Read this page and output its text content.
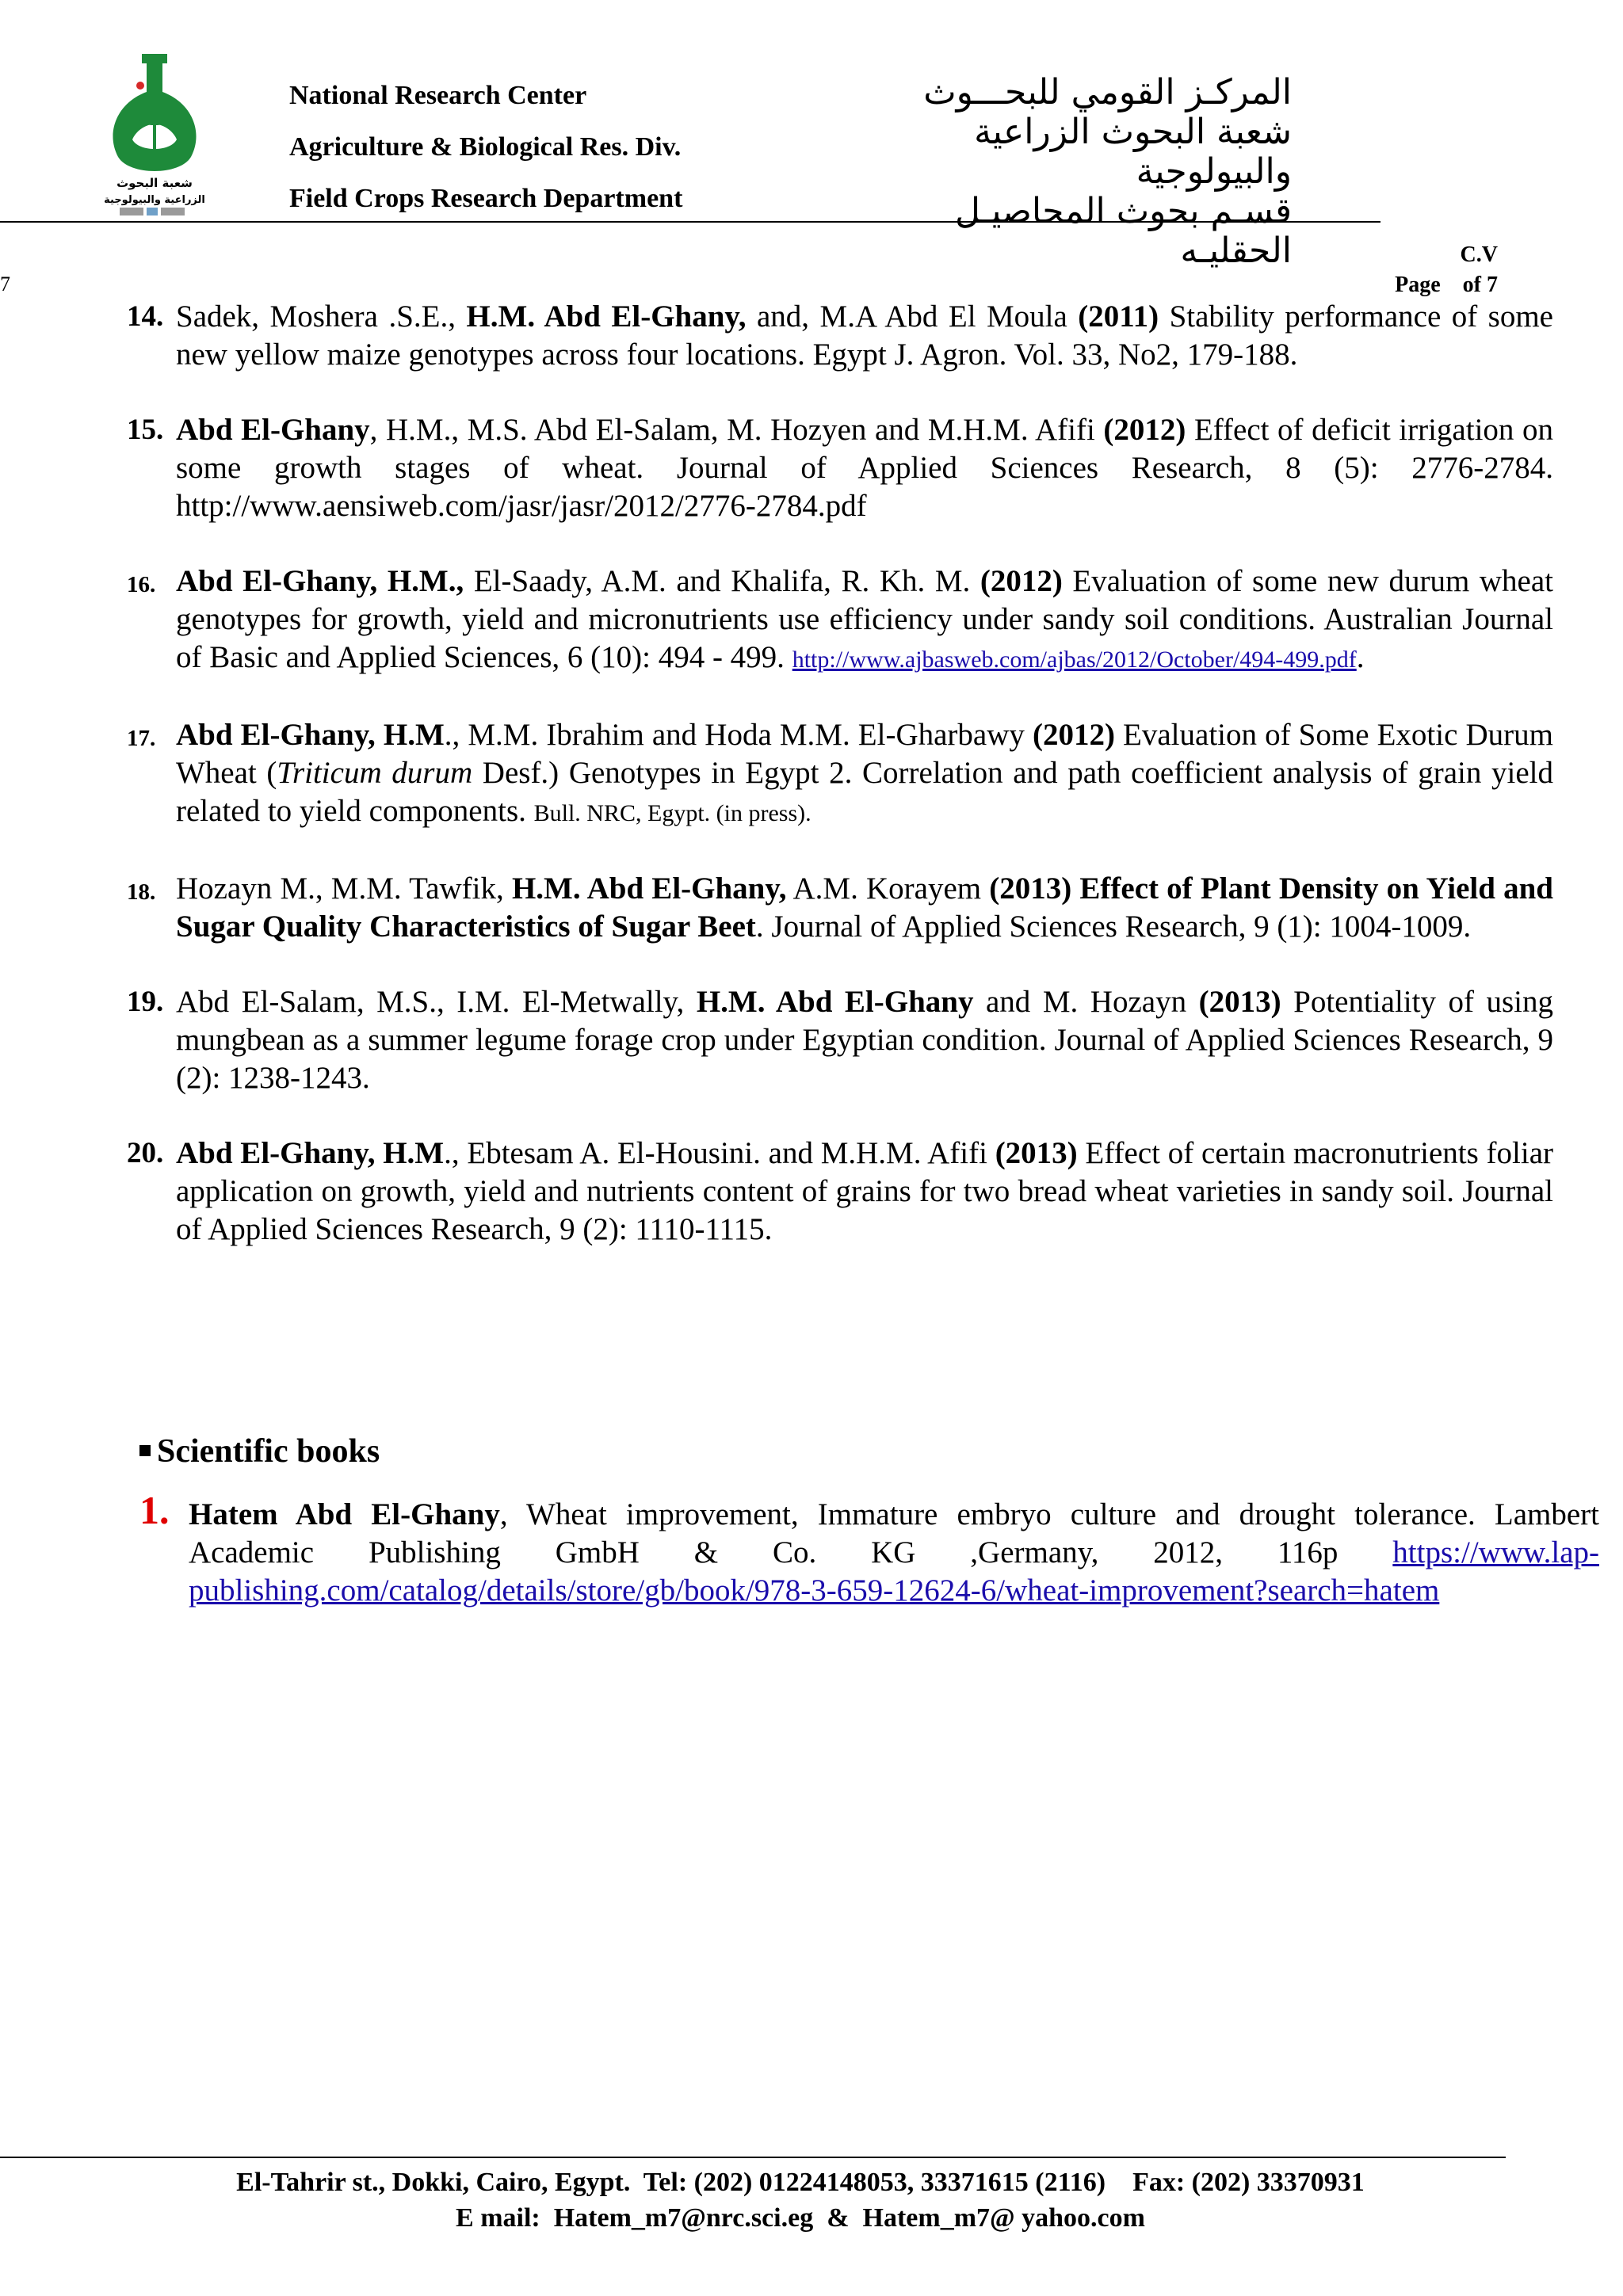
شعبة البحوث
الزراعية والبيولوجية
National Research Center
Agriculture & Biological Res. Div.
Field Crops Research Department
المركـز القومي للبحـــوث
شعبة البحوث الزراعية
والبيولوجية
قسـم بحوث المحاصيـل
الحقليـه	C.V
Page    of 7
7
14. Sadek, Moshera .S.E., H.M. Abd El-Ghany, and, M.A Abd El Moula (2011) Stability performance of some new yellow maize genotypes across four locations. Egypt J. Agron. Vol. 33, No2, 179-188.
15. Abd El-Ghany, H.M., M.S. Abd El-Salam, M. Hozyen and M.H.M. Afifi (2012) Effect of deficit irrigation on some growth stages of wheat. Journal of Applied Sciences Research, 8 (5): 2776-2784. http://www.aensiweb.com/jasr/jasr/2012/2776-2784.pdf
16. Abd El-Ghany, H.M., El-Saady, A.M. and Khalifa, R. Kh. M. (2012) Evaluation of some new durum wheat genotypes for growth, yield and micronutrients use efficiency under sandy soil conditions. Australian Journal of Basic and Applied Sciences, 6 (10): 494 - 499. http://www.ajbasweb.com/ajbas/2012/October/494-499.pdf.
17. Abd El-Ghany, H.M., M.M. Ibrahim and Hoda M.M. El-Gharbawy (2012) Evaluation of Some Exotic Durum Wheat (Triticum durum Desf.) Genotypes in Egypt 2. Correlation and path coefficient analysis of grain yield related to yield components. Bull. NRC, Egypt. (in press).
18. Hozayn M., M.M. Tawfik, H.M. Abd El-Ghany, A.M. Korayem (2013) Effect of Plant Density on Yield and Sugar Quality Characteristics of Sugar Beet. Journal of Applied Sciences Research, 9 (1): 1004-1009.
19. Abd El-Salam, M.S., I.M. El-Metwally, H.M. Abd El-Ghany and M. Hozayn (2013) Potentiality of using mungbean as a summer legume forage crop under Egyptian condition. Journal of Applied Sciences Research, 9 (2): 1238-1243.
20. Abd El-Ghany, H.M., Ebtesam A. El-Housini. and M.H.M. Afifi (2013) Effect of certain macronutrients foliar application on growth, yield and nutrients content of grains for two bread wheat varieties in sandy soil. Journal of Applied Sciences Research, 9 (2): 1110-1115.
Scientific books
1. Hatem Abd El-Ghany, Wheat improvement, Immature embryo culture and drought tolerance. Lambert Academic Publishing GmbH & Co. KG ,Germany, 2012, 116p https://www.lap-publishing.com/catalog/details/store/gb/book/978-3-659-12624-6/wheat-improvement?search=hatem
El-Tahrir st., Dokki, Cairo, Egypt.  Tel: (202) 01224148053, 33371615 (2116)    Fax: (202) 33370931
E mail:  Hatem_m7@nrc.sci.eg  &  Hatem_m7@ yahoo.com
